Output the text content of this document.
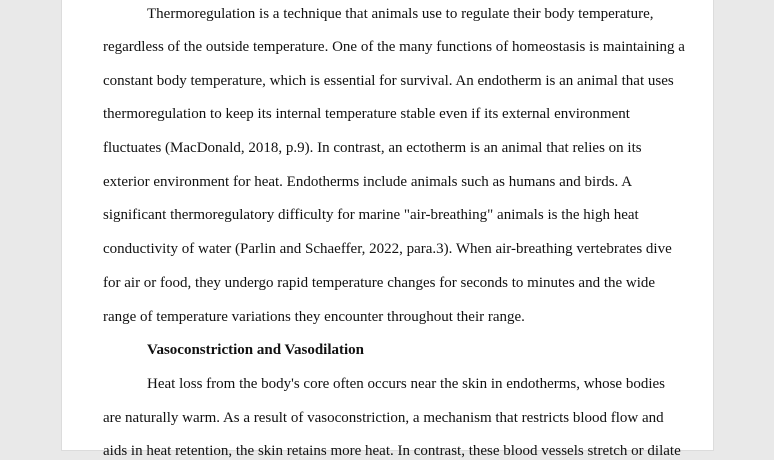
Thermoregulation is a technique that animals use to regulate their body temperature,
regardless of the outside temperature. One of the many functions of homeostasis is maintaining a
constant body temperature, which is essential for survival. An endotherm is an animal that uses
thermoregulation to keep its internal temperature stable even if its external environment
fluctuates (MacDonald, 2018, p.9). In contrast, an ectotherm is an animal that relies on its
exterior environment for heat. Endotherms include animals such as humans and birds. A
significant thermoregulatory difficulty for marine "air-breathing" animals is the high heat
conductivity of water (Parlin and Schaeffer, 2022, para.3). When air-breathing vertebrates dive
for air or food, they undergo rapid temperature changes for seconds to minutes and the wide
range of temperature variations they encounter throughout their range.
Vasoconstriction and Vasodilation
Heat loss from the body's core often occurs near the skin in endotherms, whose bodies
are naturally warm. As a result of vasoconstriction, a mechanism that restricts blood flow and
aids in heat retention, the skin retains more heat. In contrast, these blood vessels stretch or dilate
